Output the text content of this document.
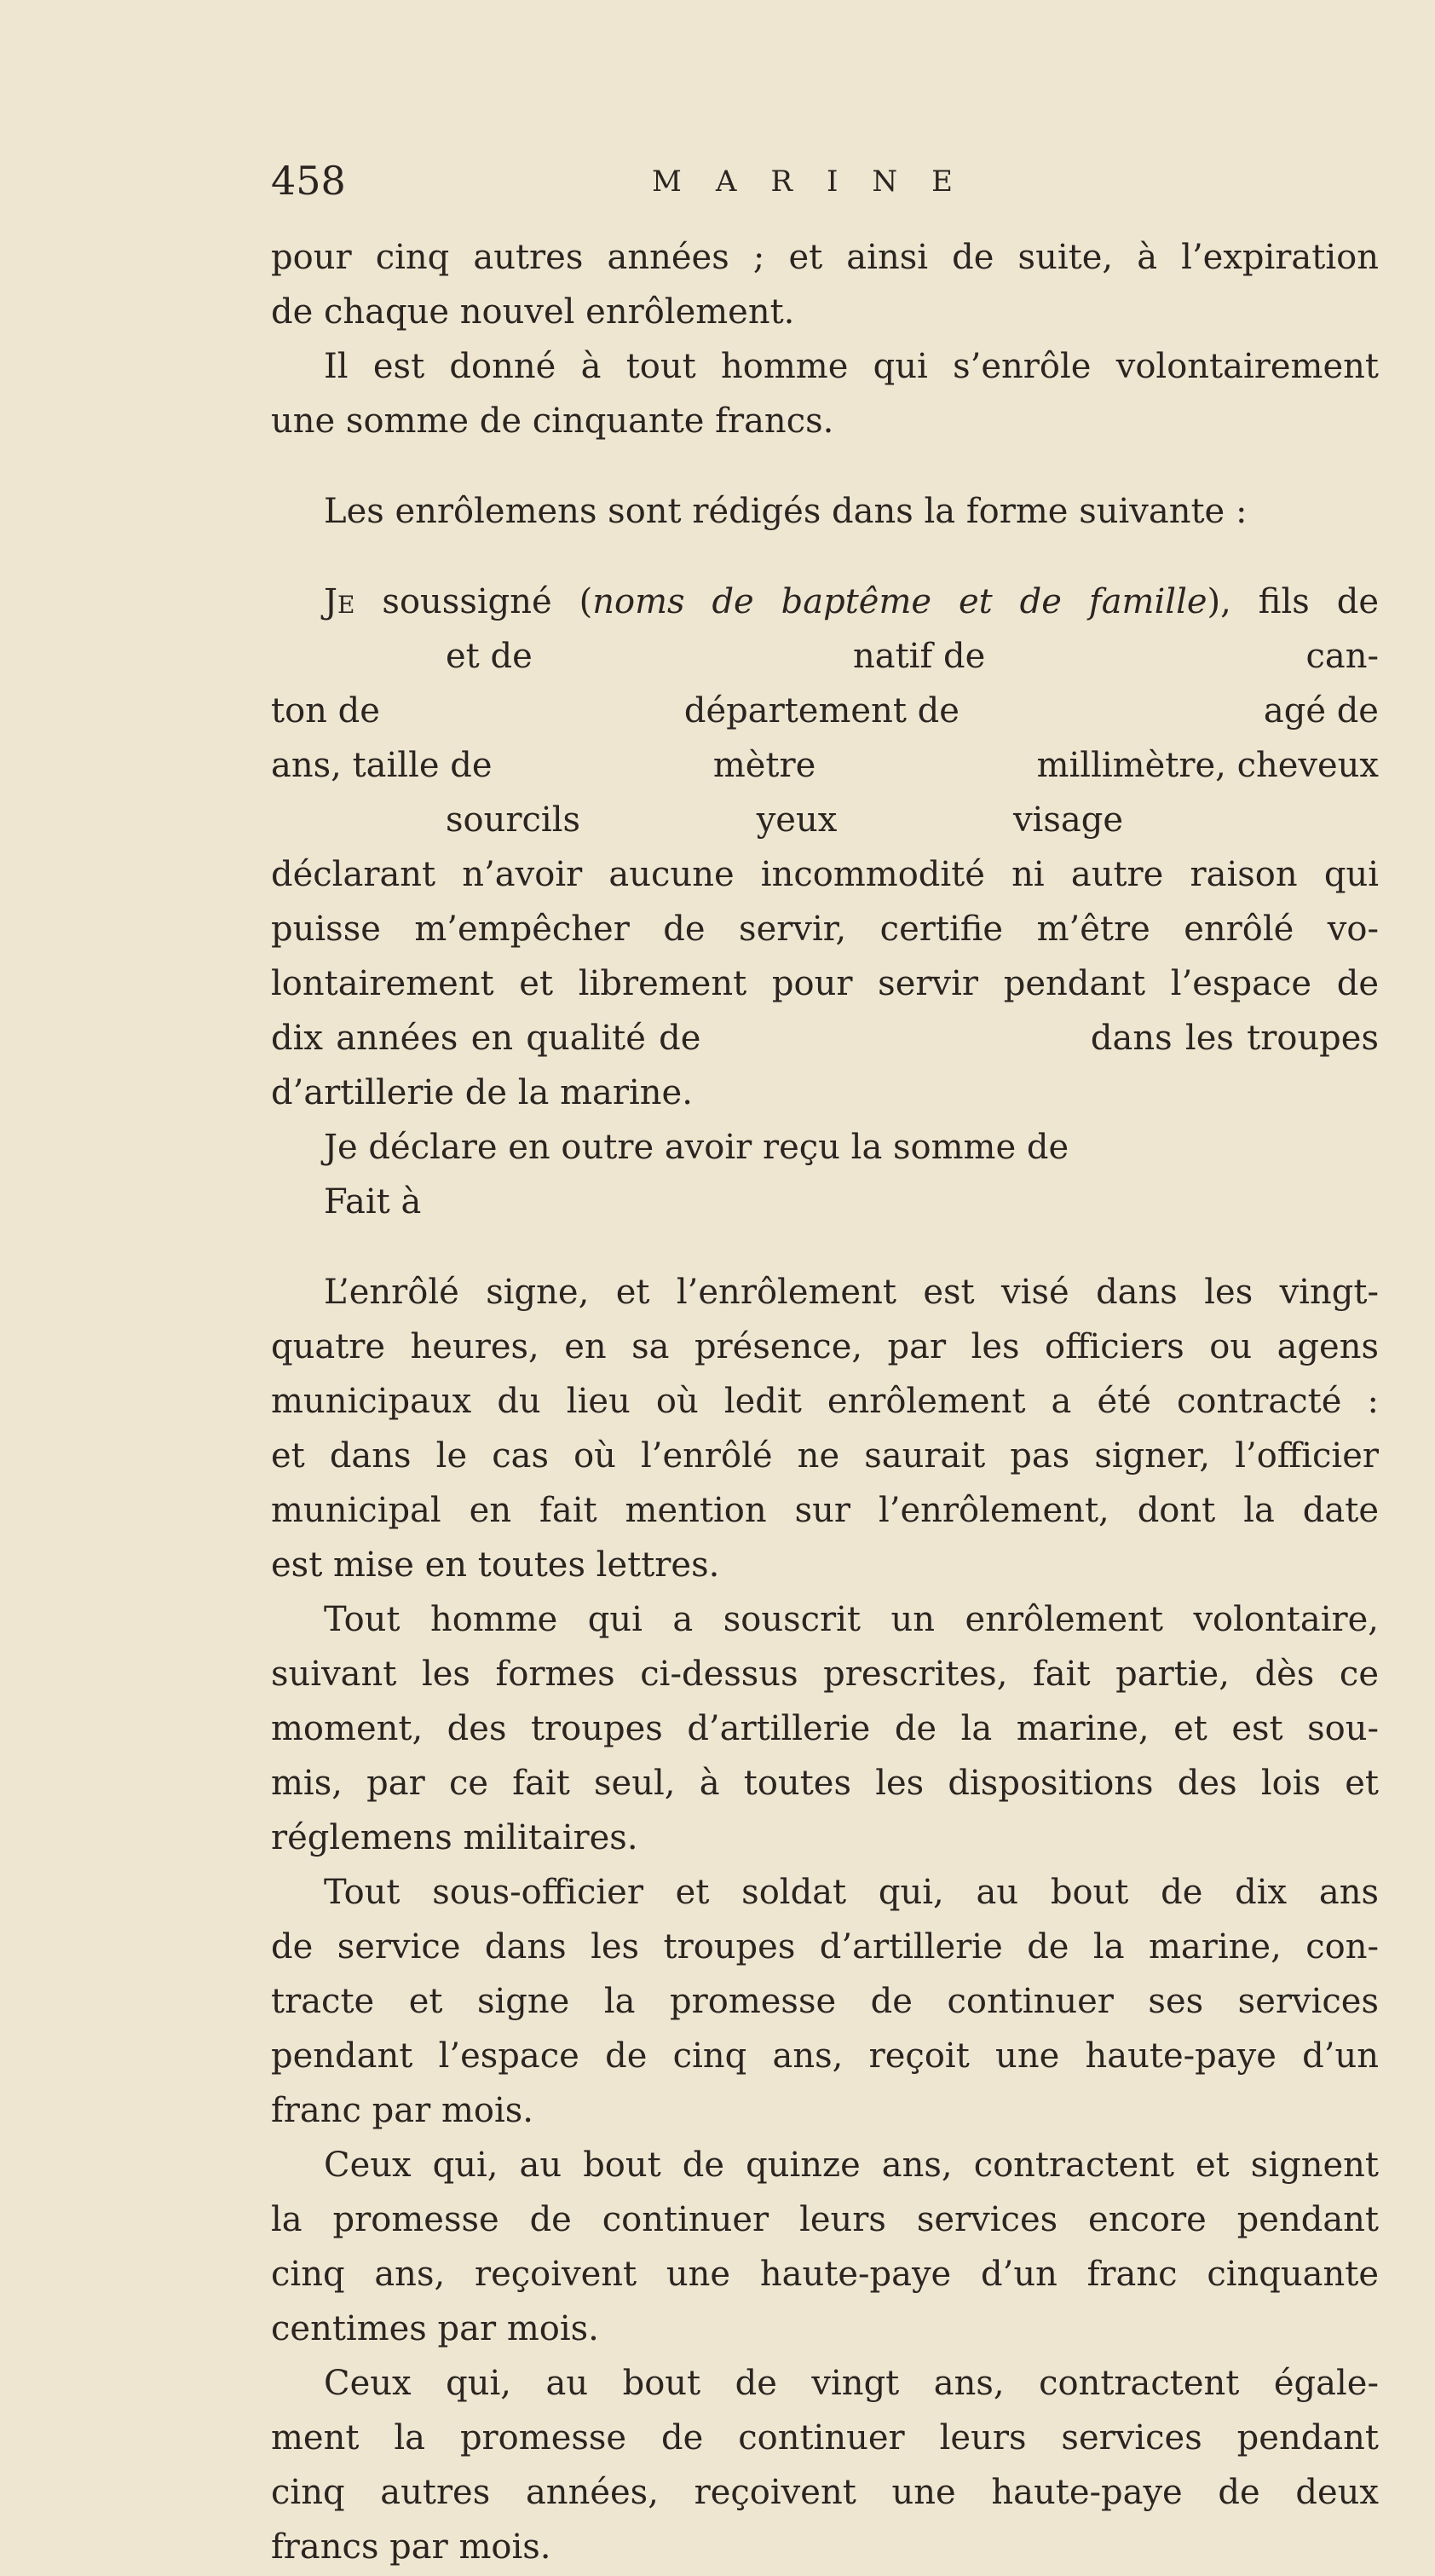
458	MARINE

pour cinq autres années ; et ainsi de suite, à l’expiration

de chaque nouvel enrôlement.

Il est donné à tout homme qui s’enrôle volontairement

une somme de cinquante francs.

Les enrôlemens sont rédigés dans la forme suivante :

Je soussigné (noms de baptême et de famille), fils de

et de	natif de	can-
ton de	département de	agé de
ans, taille de	mètre	millimètre, cheveux
sourcils	yeux	visage

déclarant n’avoir aucune incommodité ni autre raison qui

puisse m’empêcher de servir, certifie m’être enrôlé vo-

lontairement et librement pour servir pendant l’espace de

dix années en qualité de                              dans les troupes

d’artillerie de la marine.

Je déclare en outre avoir reçu la somme de

Fait à

L’enrôlé signe, et l’enrôlement est visé dans les vingt-

quatre heures, en sa présence, par les officiers ou agens

municipaux du lieu où ledit enrôlement a été contracté :

et dans le cas où l’enrôlé ne saurait pas signer, l’officier

municipal en fait mention sur l’enrôlement, dont la date

est mise en toutes lettres.

Tout homme qui a souscrit un enrôlement volontaire,

suivant les formes ci-dessus prescrites, fait partie, dès ce

moment, des troupes d’artillerie de la marine, et est sou-

mis, par ce fait seul, à toutes les dispositions des lois et

réglemens militaires.

Tout sous-officier et soldat qui, au bout de dix ans

de service dans les troupes d’artillerie de la marine, con-

tracte et signe la promesse de continuer ses services

pendant l’espace de cinq ans, reçoit une haute-paye d’un

franc par mois.

Ceux qui, au bout de quinze ans, contractent et signent

la promesse de continuer leurs services encore pendant

cinq ans, reçoivent une haute-paye d’un franc cinquante

centimes par mois.

Ceux qui, au bout de vingt ans, contractent égale-

ment la promesse de continuer leurs services pendant

cinq autres années, reçoivent une haute-paye de deux

francs par mois.
